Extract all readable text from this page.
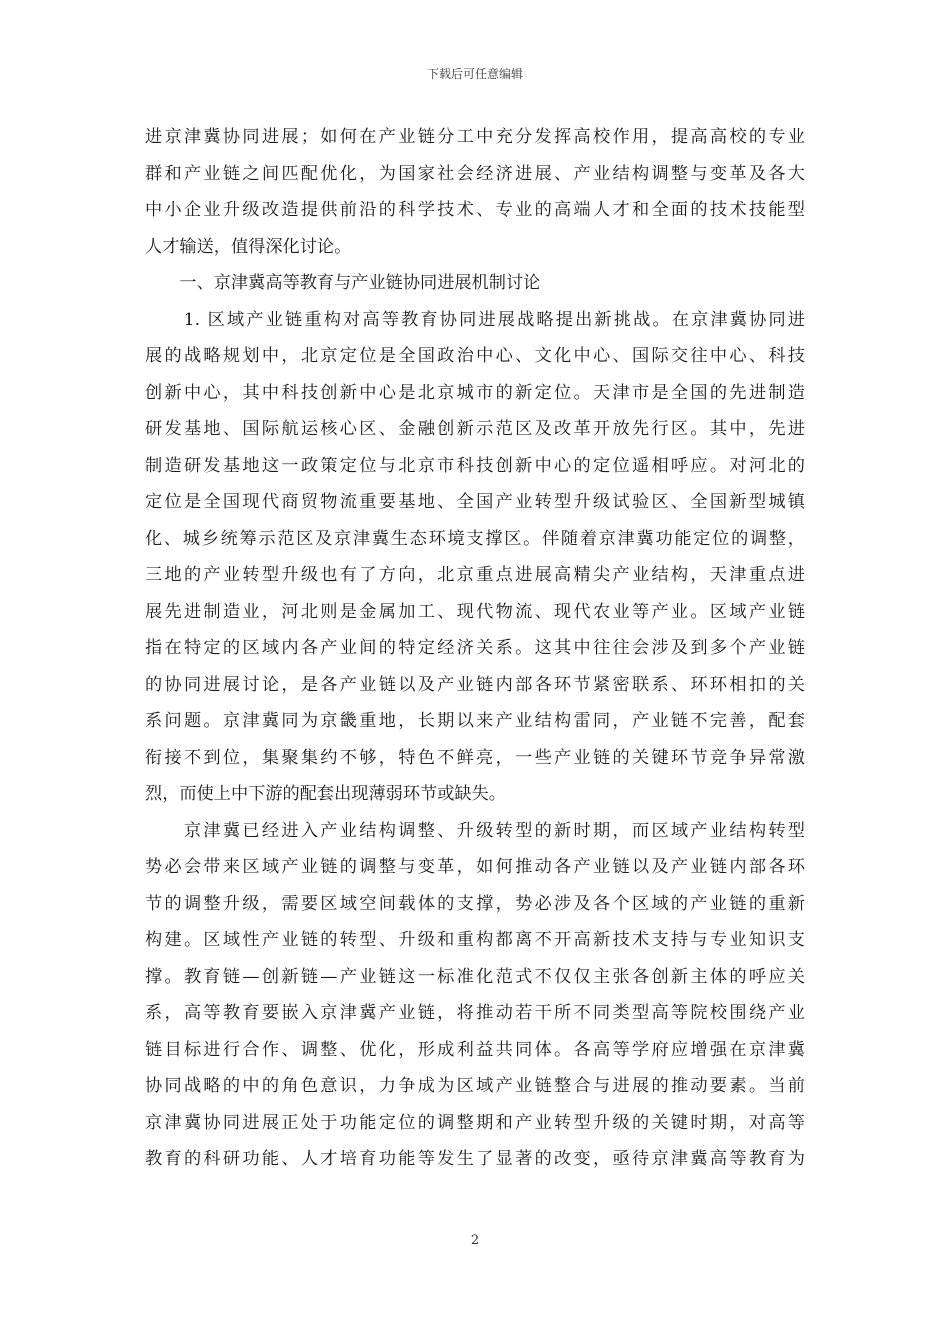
下载后可任意编辑
进京津冀协同进展；如何在产业链分工中充分发挥高校作用，提高高校的专业
群和产业链之间匹配优化，为国家社会经济进展、产业结构调整与变革及各大
中小企业升级改造提供前沿的科学技术、专业的高端人才和全面的技术技能型
人才输送，值得深化讨论。
　　一、京津冀高等教育与产业链协同进展机制讨论
　　1. 区域产业链重构对高等教育协同进展战略提出新挑战。在京津冀协同进
展的战略规划中，北京定位是全国政治中心、文化中心、国际交往中心、科技
创新中心，其中科技创新中心是北京城市的新定位。天津市是全国的先进制造
研发基地、国际航运核心区、金融创新示范区及改革开放先行区。其中，先进
制造研发基地这一政策定位与北京市科技创新中心的定位遥相呼应。对河北的
定位是全国现代商贸物流重要基地、全国产业转型升级试验区、全国新型城镇
化、城乡统筹示范区及京津冀生态环境支撑区。伴随着京津冀功能定位的调整，
三地的产业转型升级也有了方向，北京重点进展高精尖产业结构，天津重点进
展先进制造业，河北则是金属加工、现代物流、现代农业等产业。区域产业链
指在特定的区域内各产业间的特定经济关系。这其中往往会涉及到多个产业链
的协同进展讨论，是各产业链以及产业链内部各环节紧密联系、环环相扣的关
系问题。京津冀同为京畿重地，长期以来产业结构雷同，产业链不完善，配套
衔接不到位，集聚集约不够，特色不鲜亮，一些产业链的关键环节竞争异常激
烈，而使上中下游的配套出现薄弱环节或缺失。
　　京津冀已经进入产业结构调整、升级转型的新时期，而区域产业结构转型
势必会带来区域产业链的调整与变革，如何推动各产业链以及产业链内部各环
节的调整升级，需要区域空间载体的支撑，势必涉及各个区域的产业链的重新
构建。区域性产业链的转型、升级和重构都离不开高新技术支持与专业知识支
撑。教育链—创新链—产业链这一标准化范式不仅仅主张各创新主体的呼应关
系，高等教育要嵌入京津冀产业链，将推动若干所不同类型高等院校围绕产业
链目标进行合作、调整、优化，形成利益共同体。各高等学府应增强在京津冀
协同战略的中的角色意识，力争成为区域产业链整合与进展的推动要素。当前
京津冀协同进展正处于功能定位的调整期和产业转型升级的关键时期，对高等
教育的科研功能、人才培育功能等发生了显著的改变，亟待京津冀高等教育为
2
